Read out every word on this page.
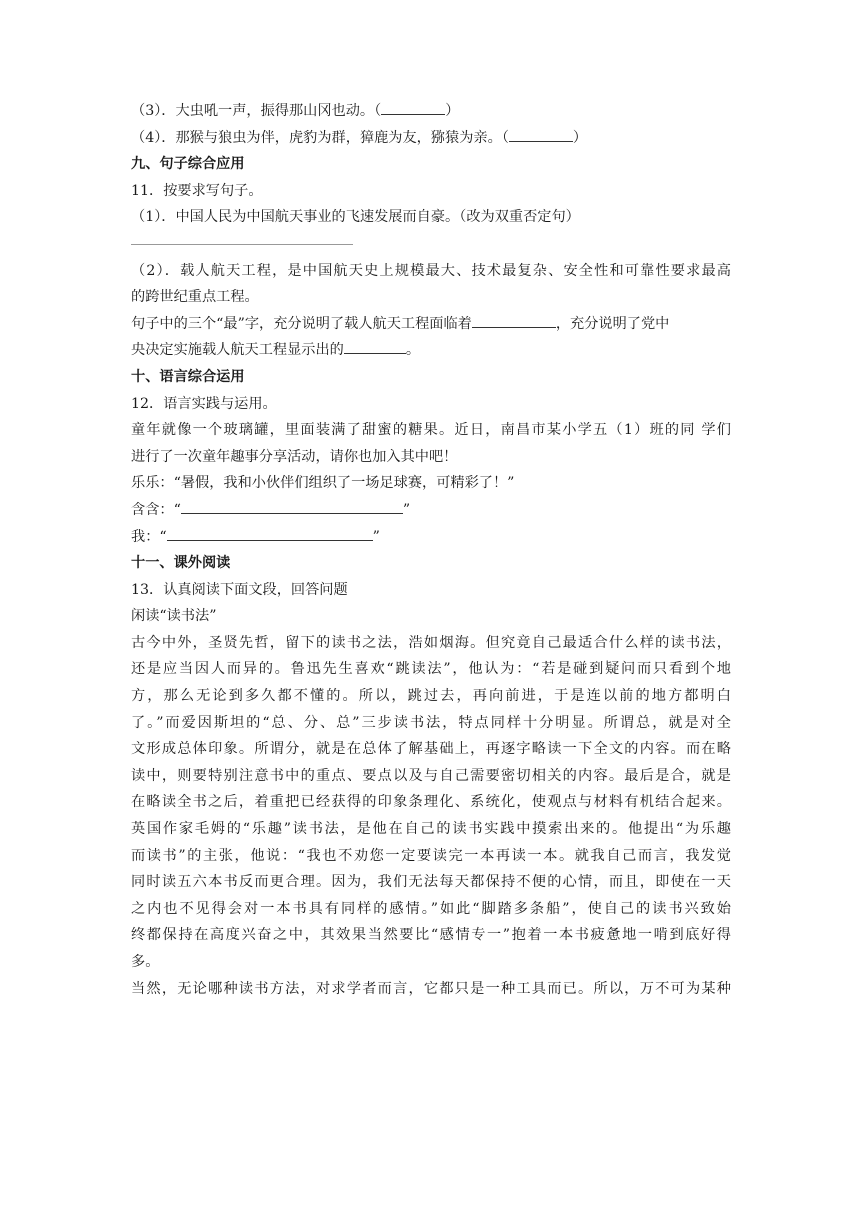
（3）．大虫吼一声，振得那山冈也动。（	）
（4）．那猴与狼虫为伴，虎豹为群，獐鹿为友，猕猿为亲。（	）
九、句子综合应用
11．按要求写句子。
（1）．中国人民为中国航天事业的飞速发展而自豪。（改为双重否定句）
（2）．载人航天工程，是中国航天史上规模最大、技术最复杂、安全性和可靠性要求最高
的跨世纪重点工程。
句子中的三个“最”字，充分说明了载人航天工程面临着	，充分说明了党中
央决定实施载人航天工程显示出的	。
十、语言综合运用
12．语言实践与运用。
童年就像一个玻璃罐，里面装满了甜蜜的糖果。近日，南昌市某小学五（1）班的同 学们
进行了一次童年趣事分享活动，请你也加入其中吧！
乐乐：“暑假，我和小伙伴们组织了一场足球赛，可精彩了！”
含含：“	”
我：“	”
十一、课外阅读
13．认真阅读下面文段，回答问题
闲读“读书法”
古今中外，圣贤先哲，留下的读书之法，浩如烟海。但究竟自己最适合什么样的读书法，
还是应当因人而异的。鲁迅先生喜欢“跳读法”，他认为：“若是碰到疑问而只看到个地
方，那么无论到多久都不懂的。所以，跳过去，再向前进，于是连以前的地方都明白
了。”而爱因斯坦的“总、分、总”三步读书法，特点同样十分明显。所谓总，就是对全
文形成总体印象。所谓分，就是在总体了解基础上，再逐字略读一下全文的内容。而在略
读中，则要特别注意书中的重点、要点以及与自己需要密切相关的内容。最后是合，就是
在略读全书之后，着重把已经获得的印象条理化、系统化，使观点与材料有机结合起来。
英国作家毛姆的“乐趣”读书法，是他在自己的读书实践中摸索出来的。他提出“为乐趣
而读书”的主张，他说：“我也不劝您一定要读完一本再读一本。就我自己而言，我发觉
同时读五六本书反而更合理。因为，我们无法每天都保持不便的心情，而且，即使在一天
之内也不见得会对一本书具有同样的感情。”如此“脚踏多条船”，使自己的读书兴致始
终都保持在高度兴奋之中，其效果当然要比“感情专一”抱着一本书疲惫地一啃到底好得
多。
当然，无论哪种读书方法，对求学者而言，它都只是一种工具而已。所以，万不可为某种
